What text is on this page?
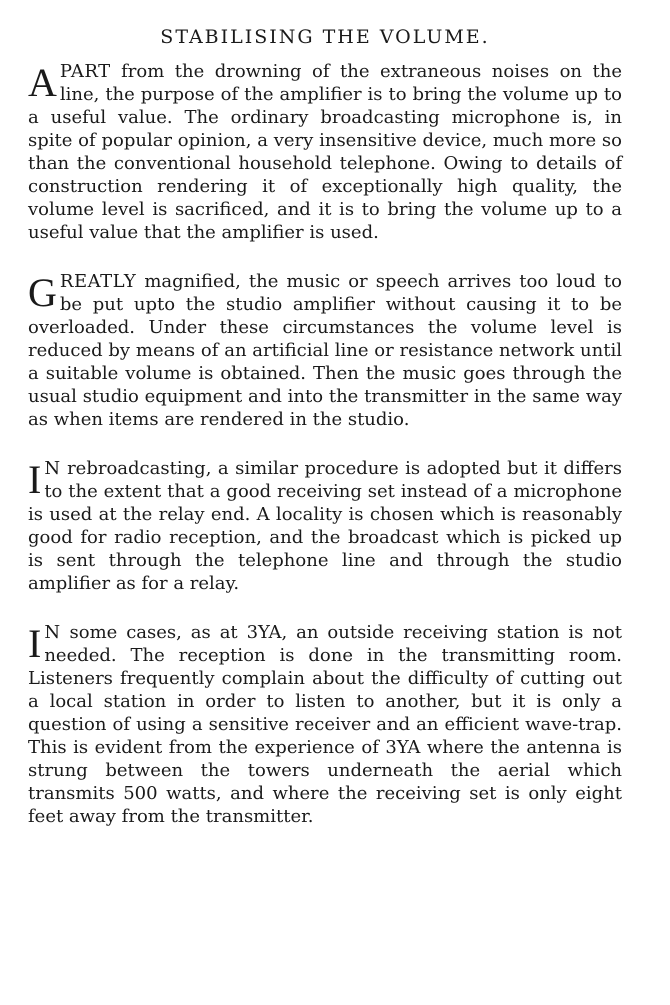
STABILISING THE VOLUME.

APART from the drowning of the extraneous noises on the line, the purpose of the amplifier is to bring the volume up to a useful value. The ordinary broadcasting microphone is, in spite of popular opinion, a very insensitive device, much more so than the conventional household telephone. Owing to details of construction rendering it of exceptionally high quality, the volume level is sacrificed, and it is to bring the volume up to a useful value that the amplifier is used.

GREATLY magnified, the music or speech arrives too loud to be put upto the studio amplifier without causing it to be overloaded. Under these circumstances the volume level is reduced by means of an artificial line or resistance network until a suitable volume is obtained. Then the music goes through the usual studio equipment and into the transmitter in the same way as when items are rendered in the studio.

I N rebroadcasting, a similar procedure is adopted but it differs to the extent that a good receiving set instead of a microphone is used at the relay end. A locality is chosen which is reasonably good for radio reception, and the broadcast which is picked up is sent through the telephone line and through the studio amplifier as for a relay.

I N some cases, as at 3YA, an outside receiving station is not needed. The reception is done in the transmitting room. Listeners frequently complain about the difficulty of cutting out a local station in order to listen to another, but it is only a question of using a sensitive receiver and an efficient wave-trap. This is evident from the experience of 3YA where the antenna is strung between the towers underneath the aerial which transmits 500 watts, and where the receiving set is only eight feet away from the transmitter.
